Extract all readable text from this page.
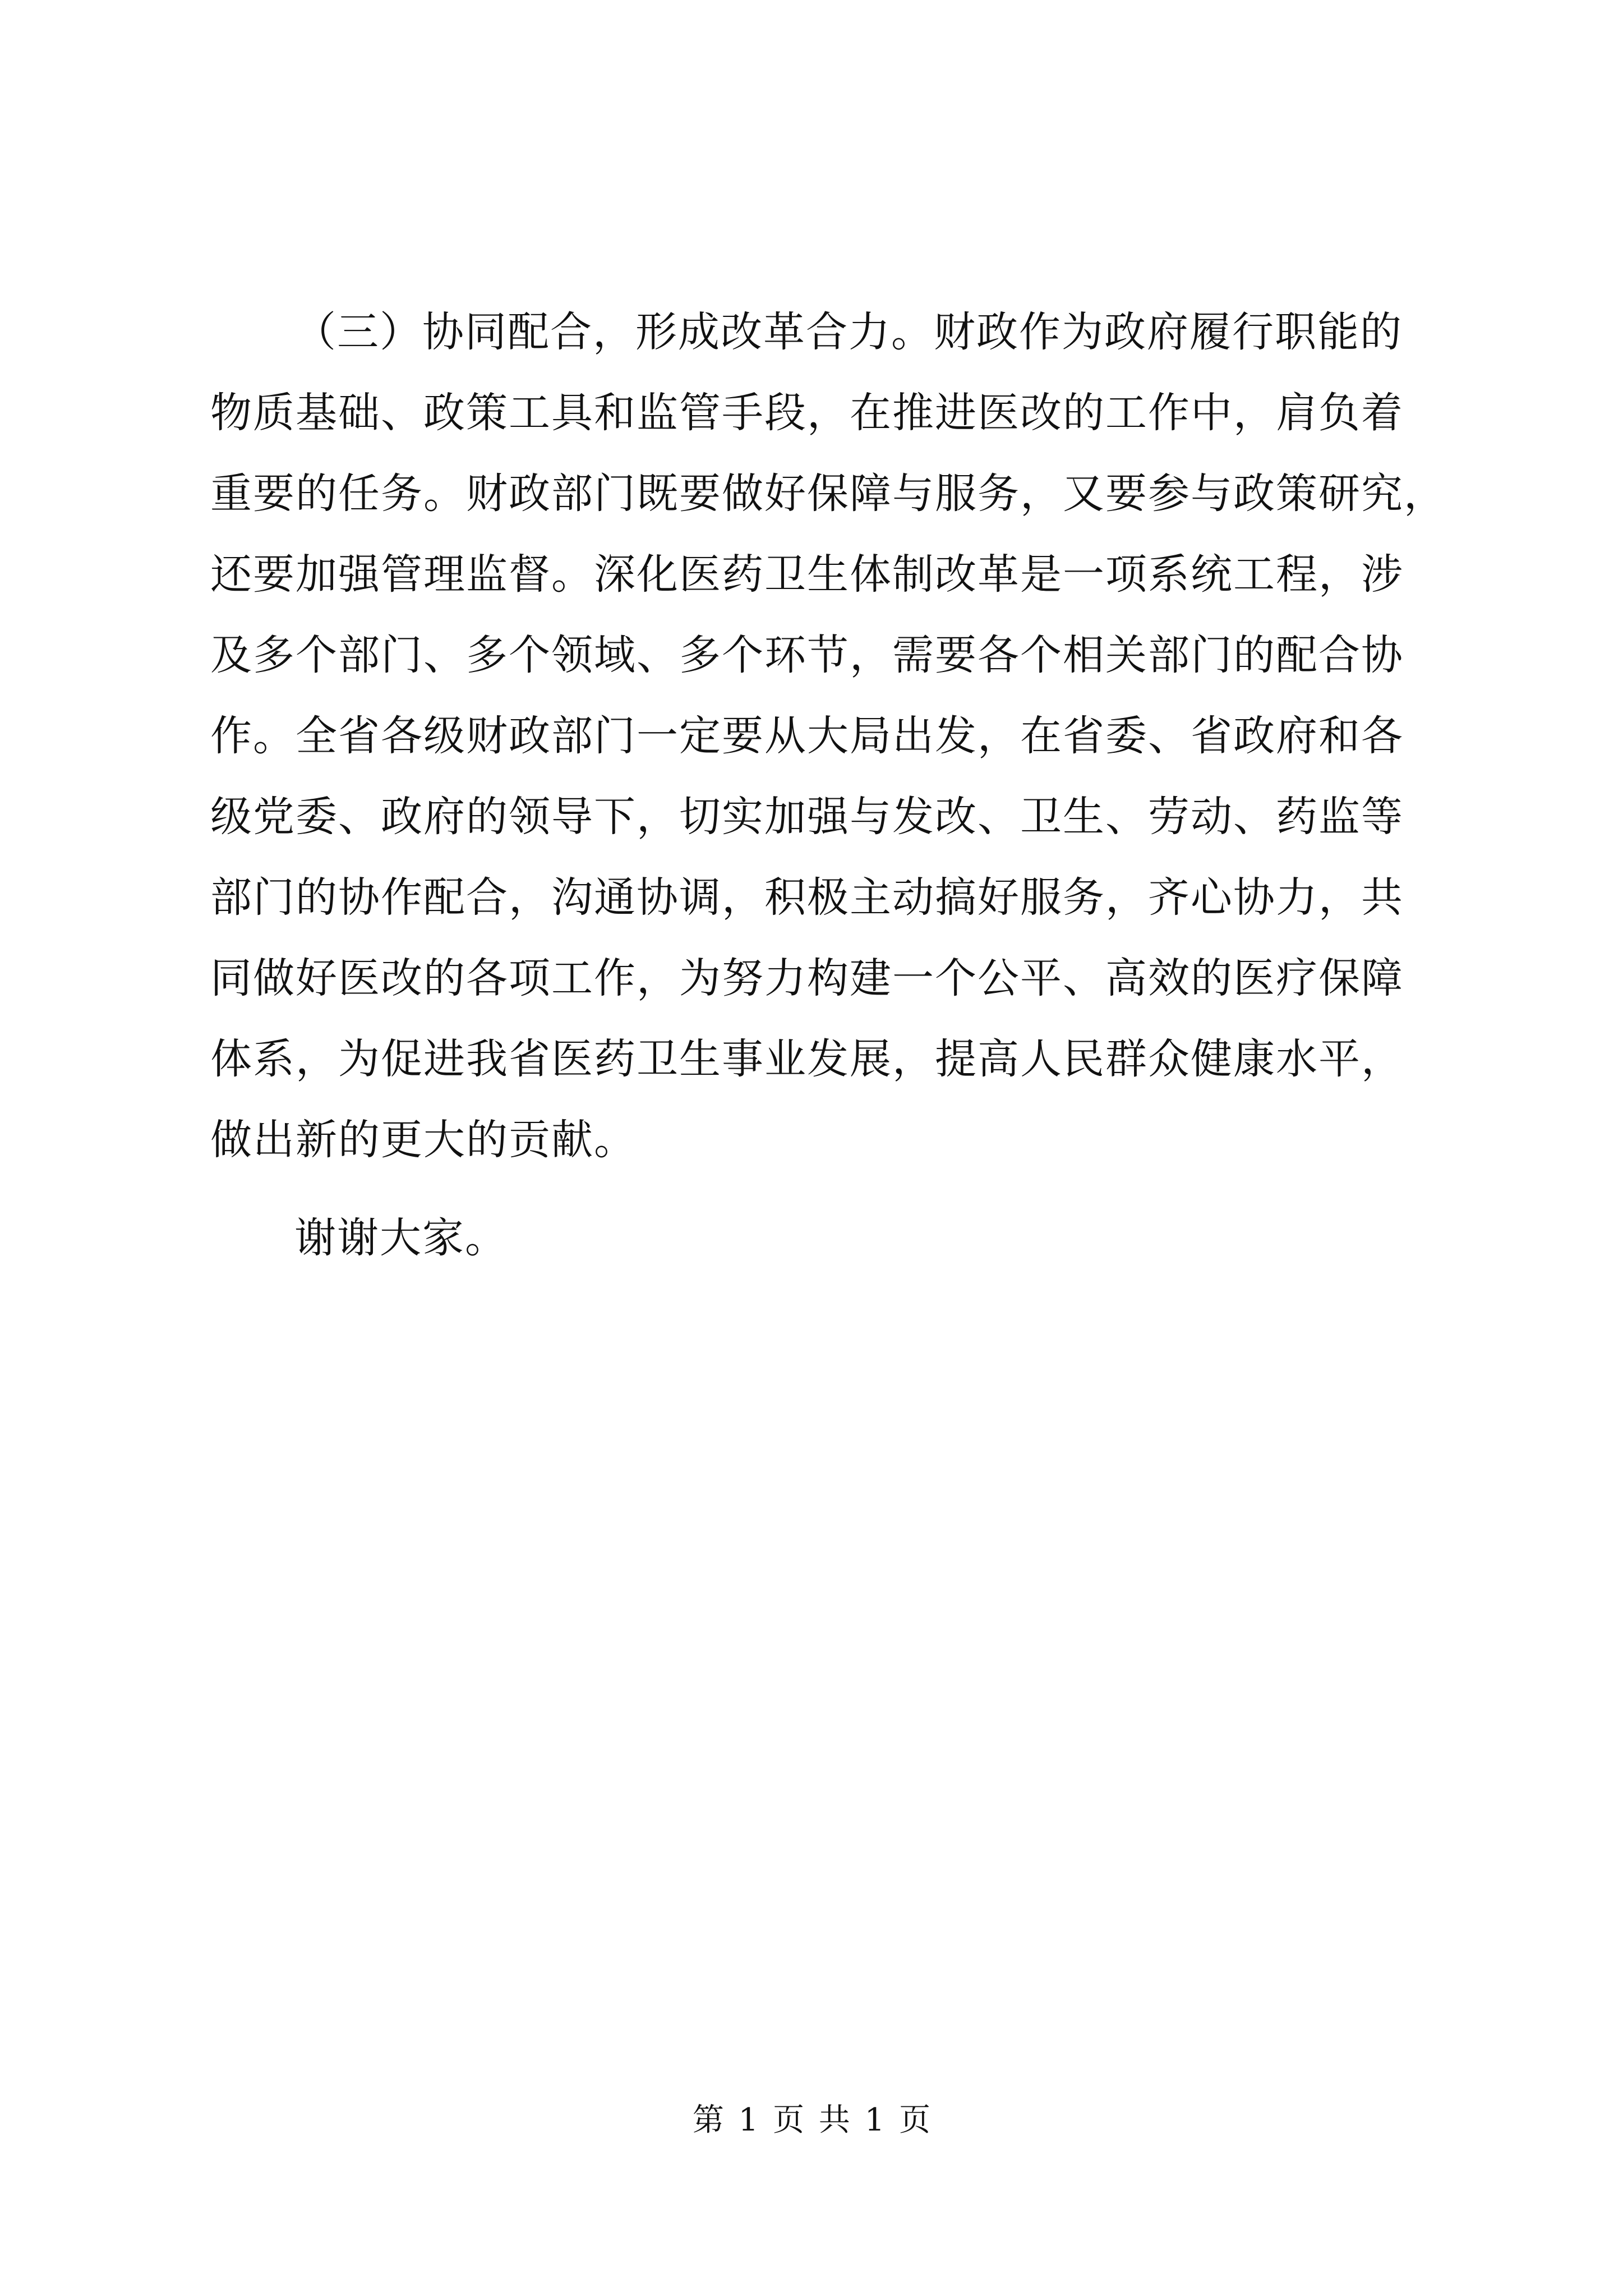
（三）协同配合，形成改革合力。财政作为政府履行职能的
物质基础、政策工具和监管手段，在推进医改的工作中，肩负着
重要的任务。财政部门既要做好保障与服务，又要参与政策研究，
还要加强管理监督。深化医药卫生体制改革是一项系统工程，涉
及多个部门、多个领域、多个环节，需要各个相关部门的配合协
作。全省各级财政部门一定要从大局出发，在省委、省政府和各
级党委、政府的领导下，切实加强与发改、卫生、劳动、药监等
部门的协作配合，沟通协调，积极主动搞好服务，齐心协力，共
同做好医改的各项工作，为努力构建一个公平、高效的医疗保障
体系，为促进我省医药卫生事业发展，提高人民群众健康水平，
做出新的更大的贡献。
谢谢大家。
第 1 页 共 1 页
